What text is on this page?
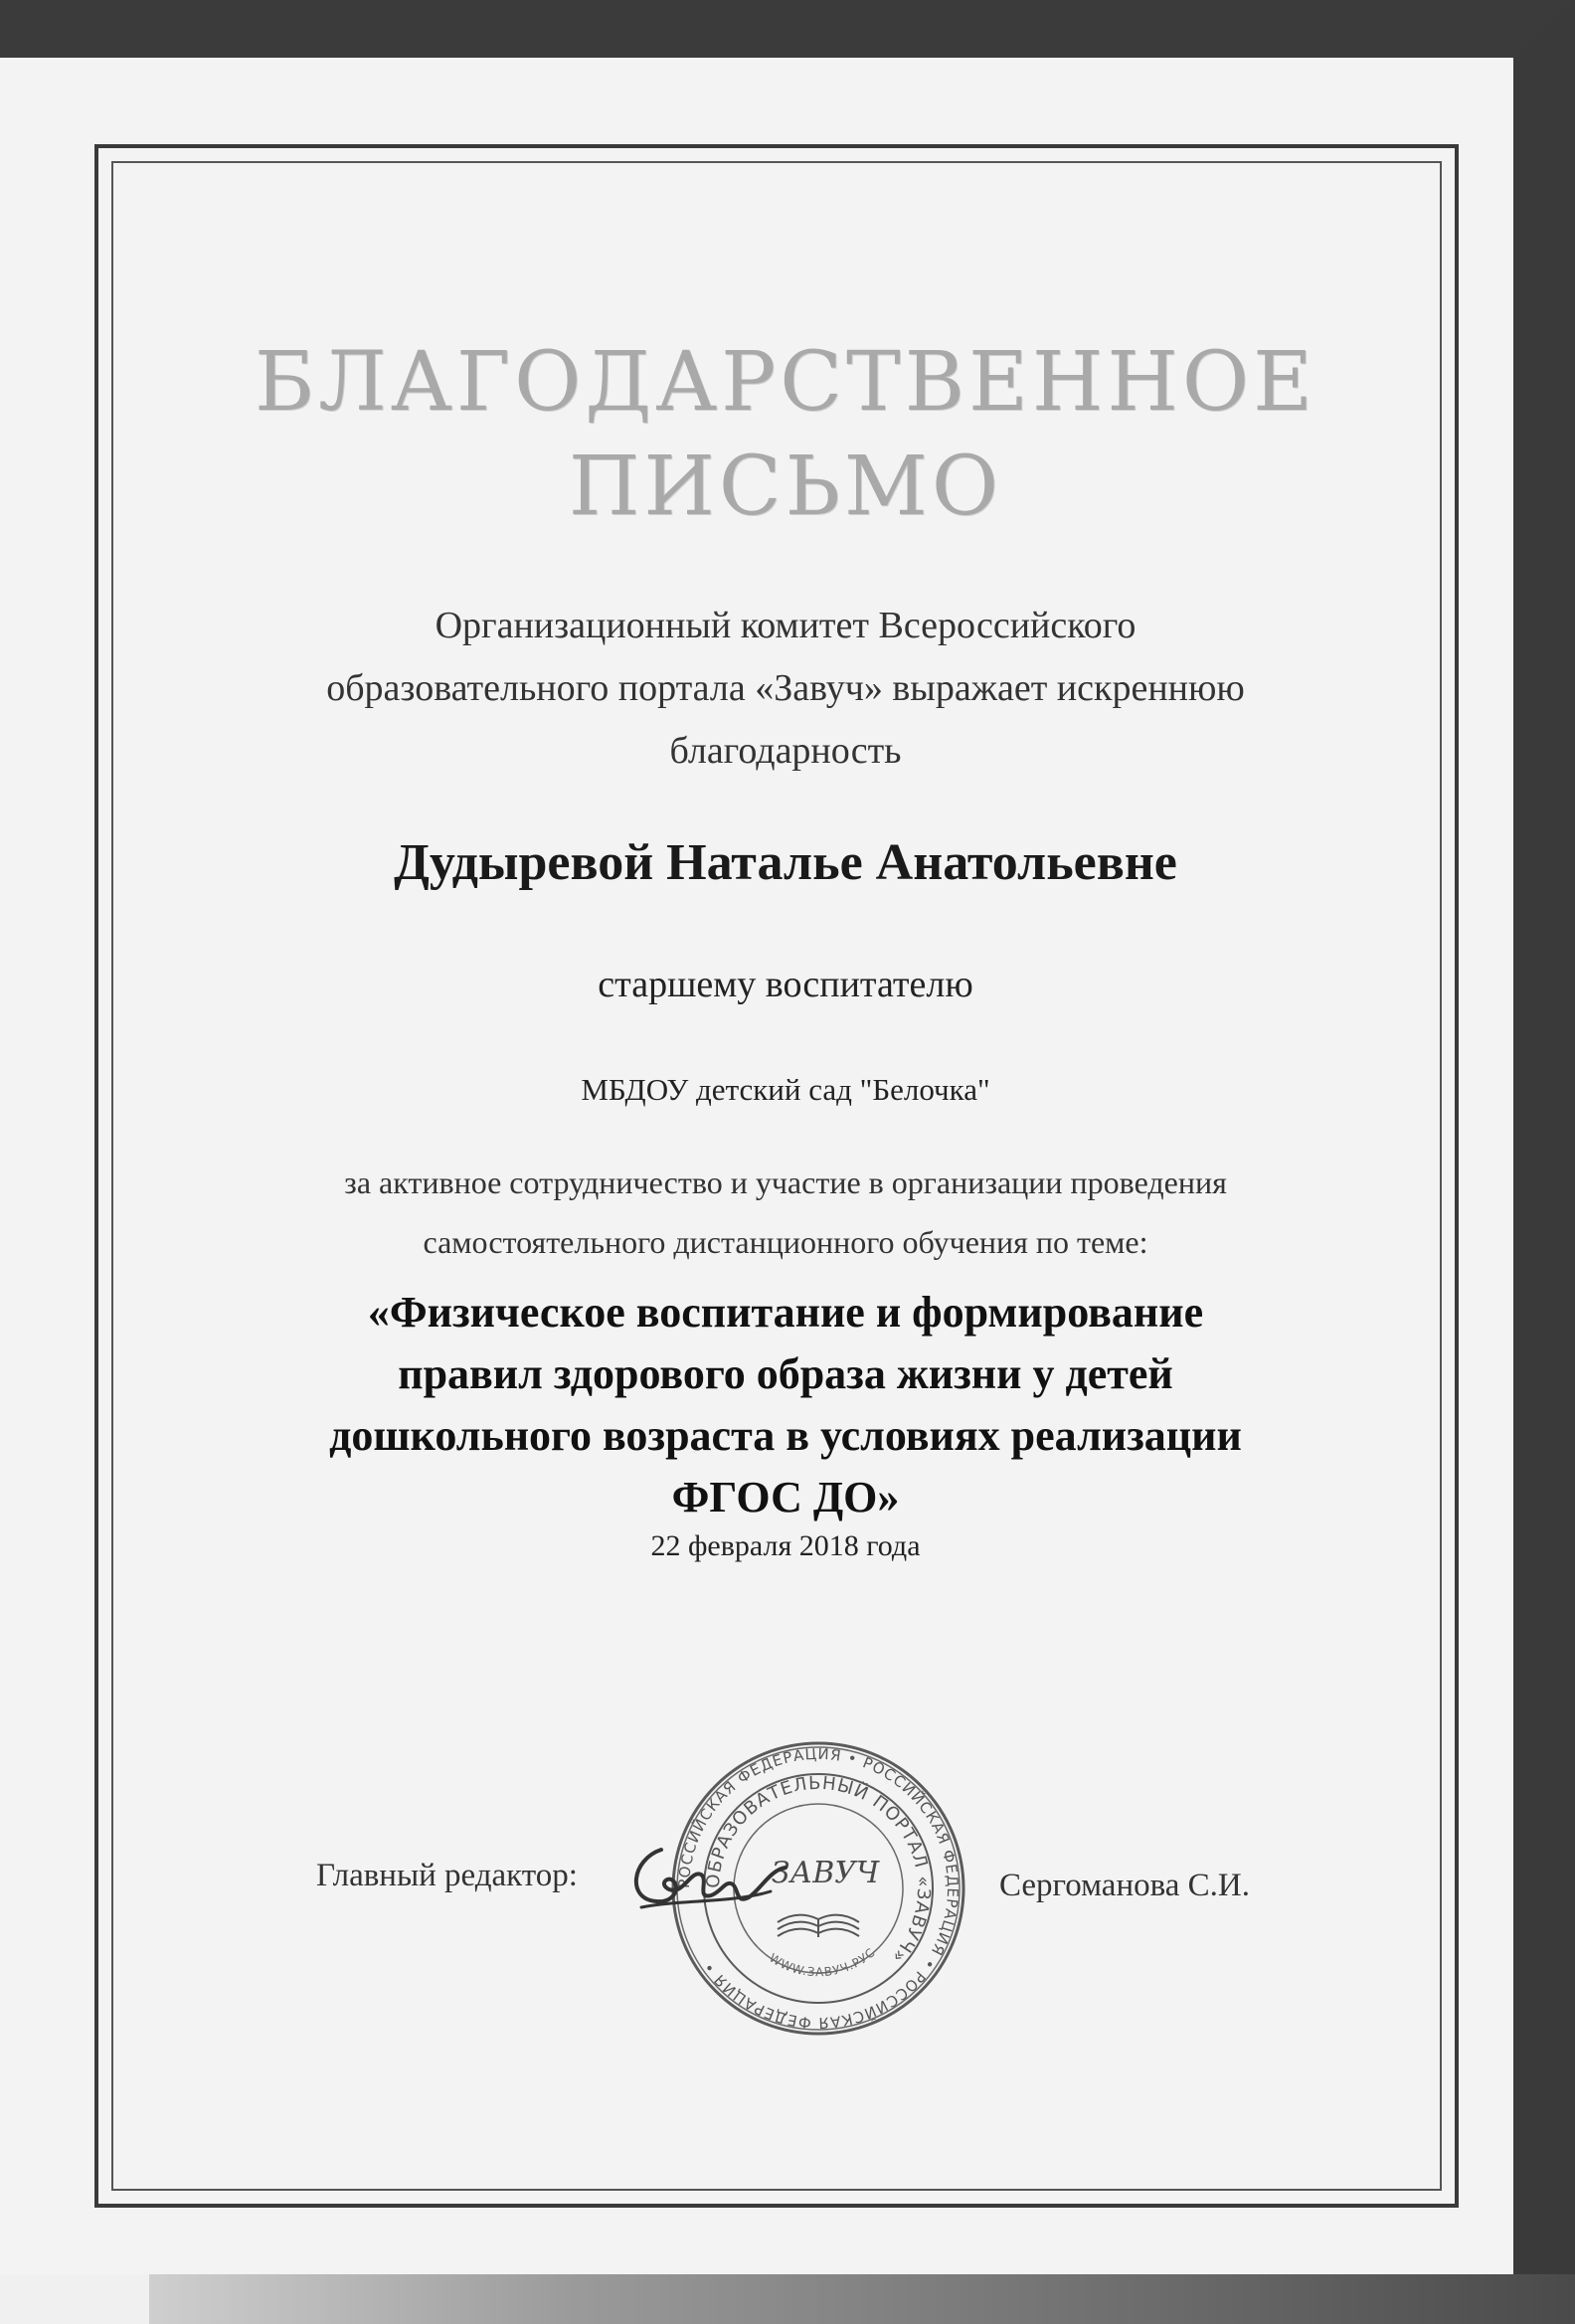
БЛАГОДАРСТВЕННОЕ
ПИСЬМО
Организационный комитет Всероссийского
образовательного портала «Завуч» выражает искреннюю
благодарность
Дудыревой Наталье Анатольевне
старшему воспитателю
МБДОУ детский сад "Белочка"
за активное сотрудничество и участие в организации проведения
самостоятельного дистанционного обучения по теме:
«Физическое воспитание и формирование
правил здорового образа жизни у детей
дошкольного возраста в условиях реализации
ФГОС ДО»
22 февраля 2018 года
Главный редактор:	Сергоманова С.И.
РОССИЙСКАЯ ФЕДЕРАЦИЯ • РОССИЙСКАЯ ФЕДЕРАЦИЯ • РОССИЙСКАЯ ФЕДЕРАЦИЯ •
ОБРАЗОВАТЕЛЬНЫЙ ПОРТАЛ «ЗАВУЧ»
WWW.ЗАВУЧ.РУС
ЗАВУЧ
